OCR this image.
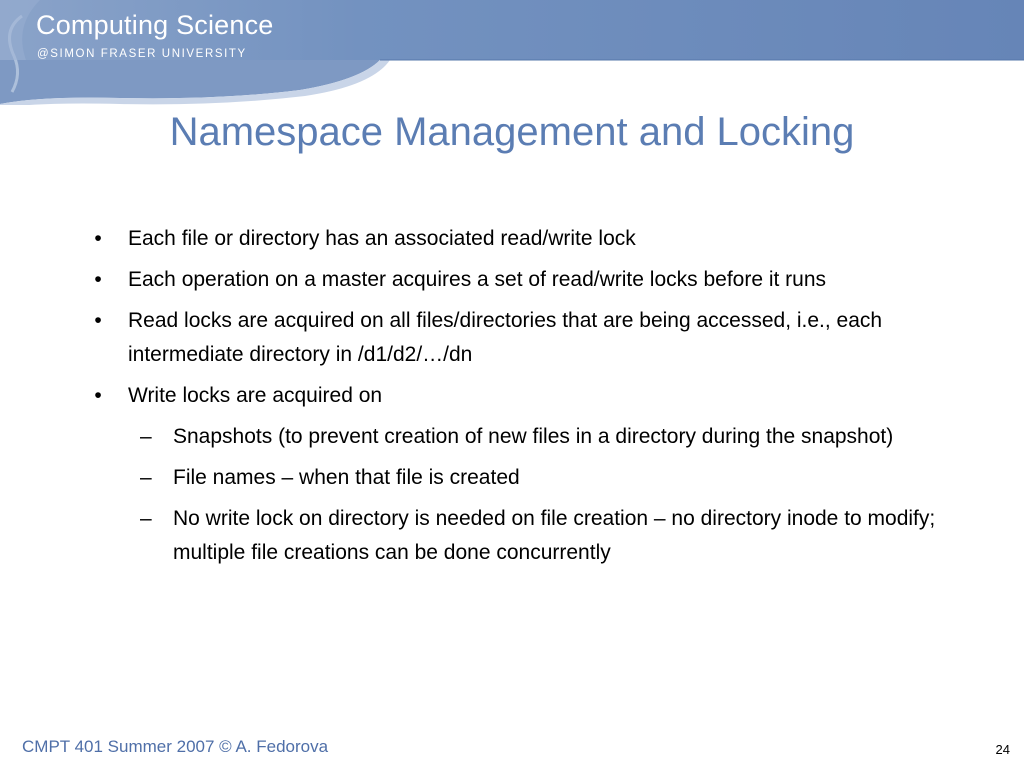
Computing Science
@SIMON FRASER UNIVERSITY
Namespace Management and Locking
•	Each file or directory has an associated read/write lock
•	Each operation on a master acquires a set of read/write locks before it runs
•	Read locks are acquired on all files/directories that are being accessed, i.e., each intermediate directory in /d1/d2/…/dn
•	Write locks are acquired on
– Snapshots (to prevent creation of new files in a directory during the snapshot)
– File names – when that file is created
– No write lock on directory is needed on file creation – no directory inode to modify; multiple file creations can be done concurrently
CMPT 401 Summer 2007 © A. Fedorova	24
